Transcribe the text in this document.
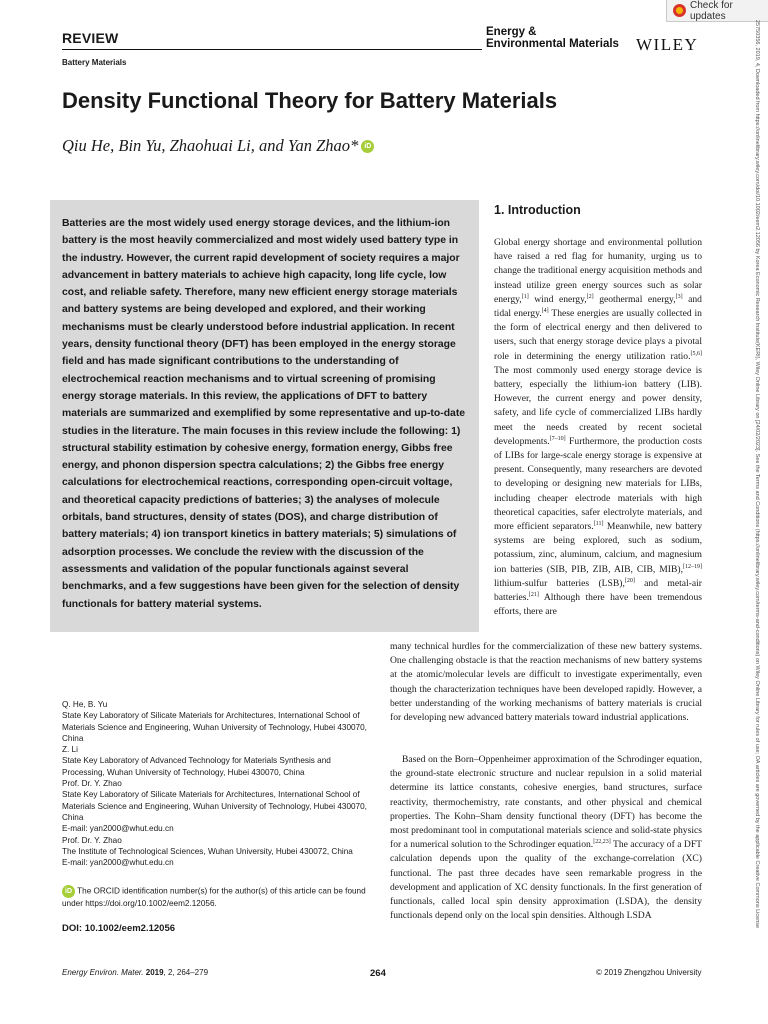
Check for updates
REVIEW	Energy &
Environmental Materials WILEY
Battery Materials	25750356, 2019, 4, Downloaded from https://onlinelibrary.wiley.com/doi/10.1002/eem2.12056 by Korea Economic Research Institute(KERI), Wiley Online Library on [24/02/2023]. See the Terms and Conditions (https://onlinelibrary.wiley.com/terms-and-conditions) on Wiley Online Library for rules of use; OA articles are governed by the applicable Creative Commons License
Density Functional Theory for Battery Materials
Qiu He, Bin Yu, Zhaohuai Li, and Yan Zhao* iD

Batteries are the most widely used energy storage devices, and the lithium-ion battery is the most heavily commercialized and most widely used battery type in the industry. However, the current rapid development of society requires a major advancement in battery materials to achieve high capacity, long life cycle, low cost, and reliable safety. Therefore, many new efficient energy storage materials and battery systems are being developed and explored, and their working mechanisms must be clearly understood before industrial application. In recent years, density functional theory (DFT) has been employed in the energy storage field and has made significant contributions to the understanding of electrochemical reaction mechanisms and to virtual screening of promising energy storage materials. In this review, the applications of DFT to battery materials are summarized and exemplified by some representative and up-to-date studies in the literature. The main focuses in this review include the following: 1) structural stability estimation by cohesive energy, formation energy, Gibbs free energy, and phonon dispersion spectra calculations; 2) the Gibbs free energy calculations for electrochemical reactions, corresponding open-circuit voltage, and theoretical capacity predictions of batteries; 3) the analyses of molecule orbitals, band structures, density of states (DOS), and charge distribution of battery materials; 4) ion transport kinetics in battery materials; 5) simulations of adsorption processes. We conclude the review with the discussion of the assessments and validation of the popular functionals against several benchmarks, and a few suggestions have been given for the selection of density functionals for battery material systems.

1. Introduction

Global energy shortage and environmental pollution have raised a red flag for humanity, urging us to change the traditional energy acquisition methods and instead utilize green energy sources such as solar energy,[1] wind energy,[2] geothermal energy,[3] and tidal energy.[4] These energies are usually collected in the form of electrical energy and then delivered to users, such that energy storage device plays a pivotal role in determining the energy utilization ratio.[5,6] The most commonly used energy storage device is battery, especially the lithium-ion battery (LIB). However, the current energy and power density, safety, and life cycle of commercialized LIBs hardly meet the needs created by recent societal developments.[7–10] Furthermore, the production costs of LIBs for large-scale energy storage is expensive at present. Consequently, many researchers are devoted to developing or designing new materials for LIBs, including cheaper electrode materials with high theoretical capacities, safer electrolyte materials, and more efficient separators.[11] Meanwhile, new battery systems are being explored, such as sodium, potassium, zinc, aluminum, calcium, and magnesium ion batteries (SIB, PIB, ZIB, AIB, CIB, MIB),[12–19] lithium-sulfur batteries (LSB),[20] and metal-air batteries.[21] Although there have been tremendous efforts, there are

many technical hurdles for the commercialization of these new battery systems. One challenging obstacle is that the reaction mechanisms of new battery systems at the atomic/molecular levels are difficult to investigate experimentally, even though the characterization techniques have been developed rapidly. However, a better understanding of the working mechanisms of battery materials is crucial for developing new advanced battery materials toward industrial applications.

Based on the Born–Oppenheimer approximation of the Schrodinger equation, the ground-state electronic structure and nuclear repulsion in a solid material determine its lattice constants, cohesive energies, band structures, surface reactivity, thermochemistry, rate constants, and other physical and chemical properties. The Kohn–Sham density functional theory (DFT) has become the most predominant tool in computational materials science and solid-state physics for a numerical solution to the Schrodinger equation.[22,23] The accuracy of a DFT calculation depends upon the quality of the exchange-correlation (XC) functional. The past three decades have seen remarkable progress in the development and application of XC density functionals. In the first generation of functionals, called local spin density approximation (LSDA), the density functionals depend only on the local spin densities. Although LSDA

Q. He, B. Yu
State Key Laboratory of Silicate Materials for Architectures, International School of Materials Science and Engineering, Wuhan University of Technology, Hubei 430070, China
Z. Li
State Key Laboratory of Advanced Technology for Materials Synthesis and Processing, Wuhan University of Technology, Hubei 430070, China
Prof. Dr. Y. Zhao
State Key Laboratory of Silicate Materials for Architectures, International School of Materials Science and Engineering, Wuhan University of Technology, Hubei 430070, China
E-mail: yan2000@whut.edu.cn
Prof. Dr. Y. Zhao
The Institute of Technological Sciences, Wuhan University, Hubei 430072, China
E-mail: yan2000@whut.edu.cn
iD The ORCID identification number(s) for the author(s) of this article can be found under https://doi.org/10.1002/eem2.12056.
DOI: 10.1002/eem2.12056
Energy Environ. Mater. 2019, 2, 264–279	264	© 2019 Zhengzhou University
